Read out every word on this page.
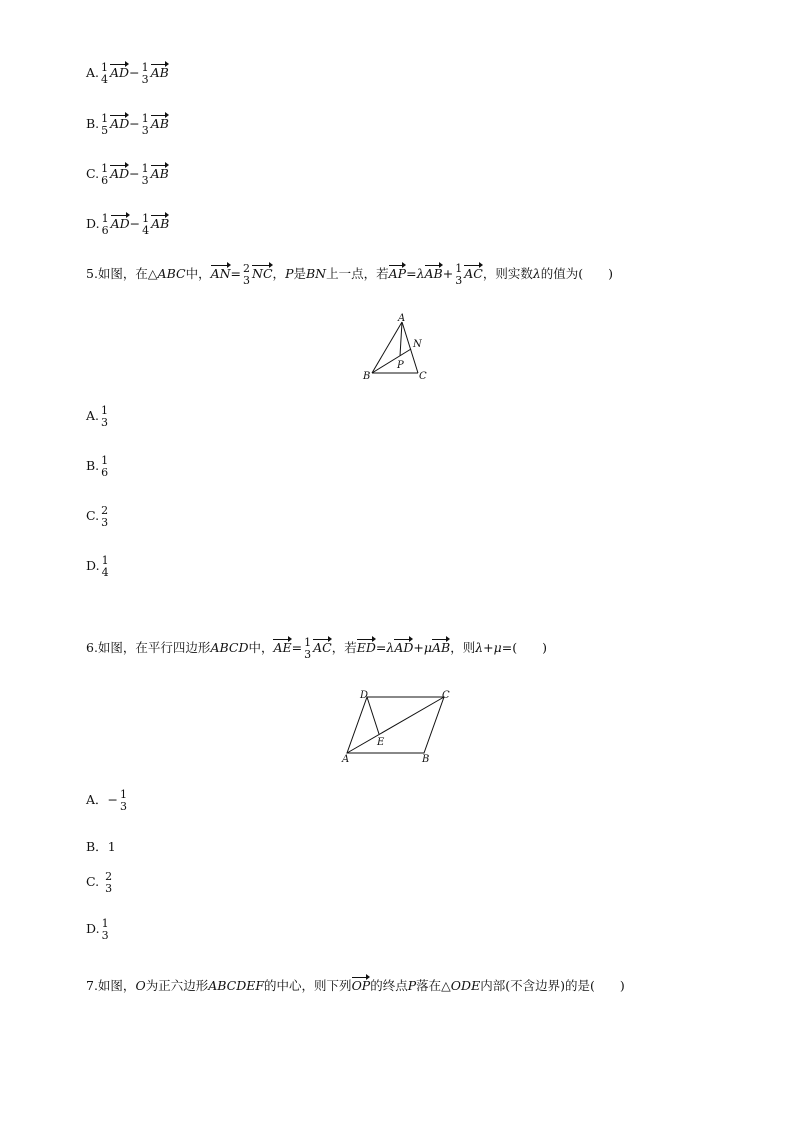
A. 1
4 AD− 1
3 AB
B. 1
5 AD− 1
3 AB
C. 1
6 AD− 1
3 AB
D. 1
6 AD− 1
4 AB
5.如图，在△ABC中，AN= 2
3 NC，P是BN上一点，若AP=λAB+ 1
3 AC，则实数λ的值为(　　)
A
B	C
N
P
A. 1
3
B. 1
6
C. 2
3
D. 1
4
6.如图，在平行四边形ABCD中，AE= 1
3 AC，若ED=λAD+μAB，则λ+μ=(　　)
D	C
E
A	B
A．− 1
3
B．1
C. 2
3
D. 1
3
7.如图，O为正六边形ABCDEF的中心，则下列OP的终点P落在△ODE内部(不含边界)的是(　　)
